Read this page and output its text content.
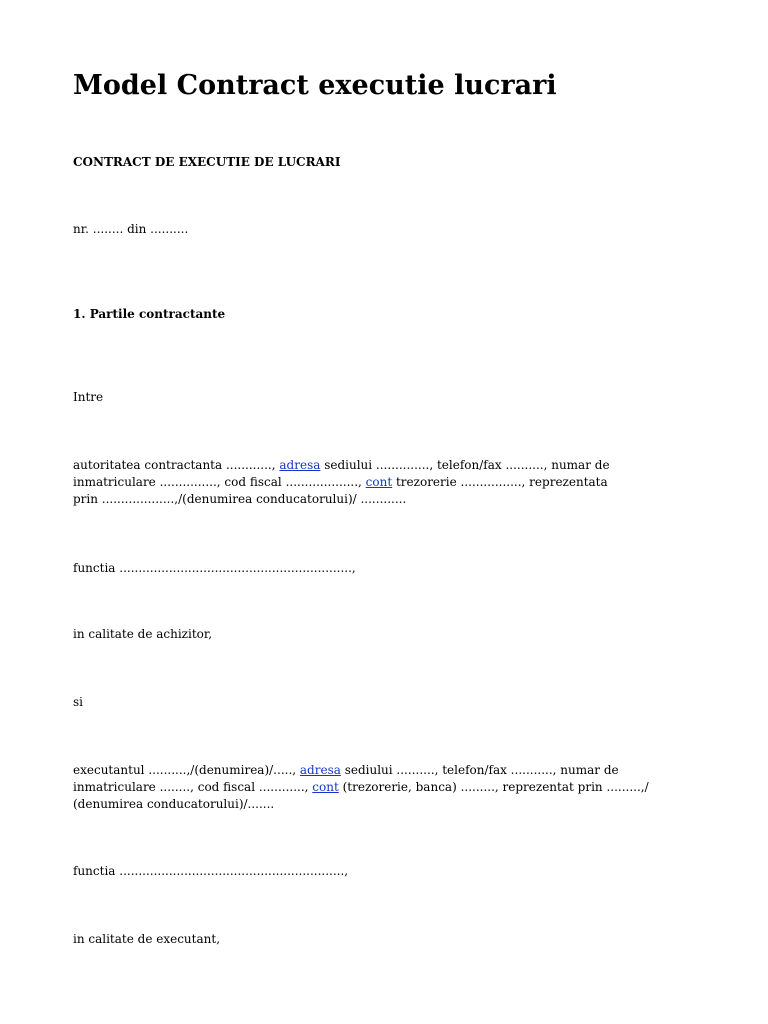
Model Contract executie lucrari
CONTRACT DE EXECUTIE DE LUCRARI
nr. ........ din ..........
1. Partile contractante
Intre
autoritatea contractanta ............, adresa sediului .............., telefon/fax .........., numar de
inmatriculare ..............., cod fiscal ..................., cont trezorerie ................, reprezentata
prin ...................,/(denumirea conducatorului)/ ............
functia .............................................................,
in calitate de achizitor,
si
executantul ..........,/(denumirea)/....., adresa sediului .........., telefon/fax ..........., numar de
inmatriculare ........, cod fiscal ............, cont (trezorerie, banca) ........., reprezentat prin .........,/
(denumirea conducatorului)/.......
functia ...........................................................,
in calitate de executant,
